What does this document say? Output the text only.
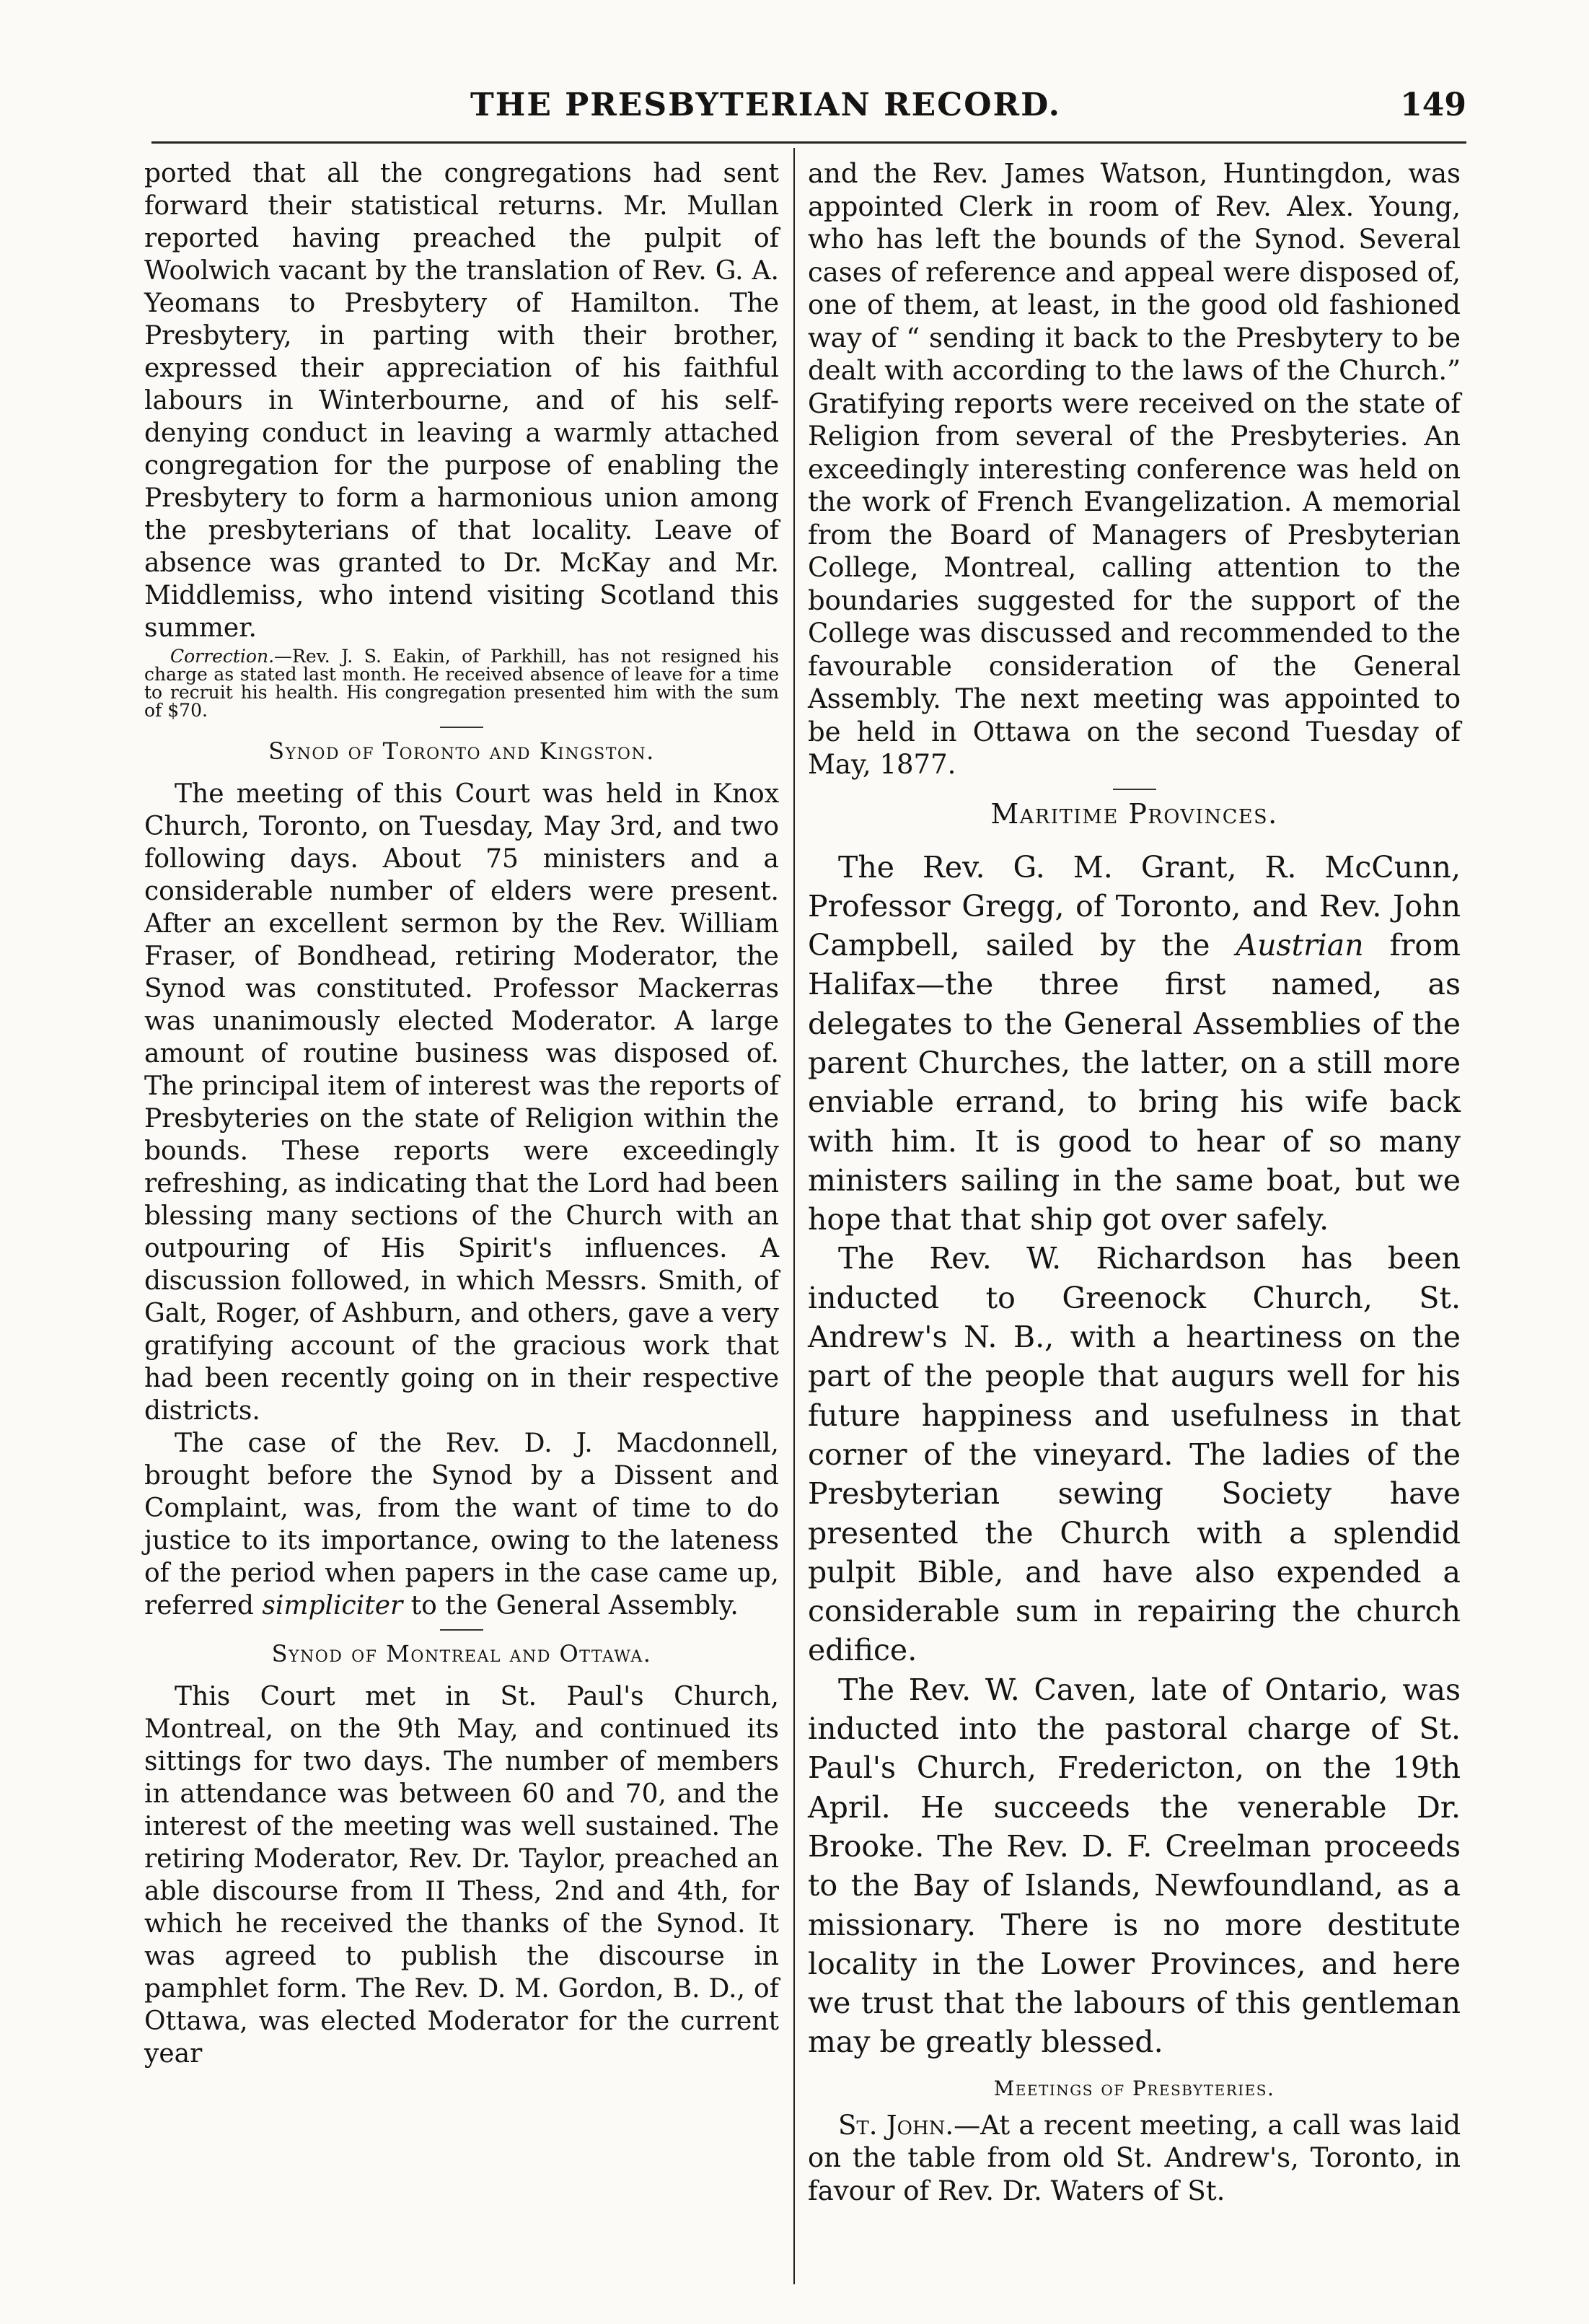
THE PRESBYTERIAN RECORD.	149

ported that all the congregations had sent forward their statistical returns. Mr. Mullan reported having preached the pulpit of Woolwich vacant by the translation of Rev. G. A. Yeomans to Presbytery of Hamilton. The Presbytery, in parting with their brother, expressed their appreciation of his faithful labours in Winterbourne, and of his self-denying conduct in leaving a warmly attached congregation for the purpose of enabling the Presbytery to form a harmonious union among the presbyterians of that locality. Leave of absence was granted to Dr. McKay and Mr. Middlemiss, who intend visiting Scotland this summer.

Correction.—Rev. J. S. Eakin, of Parkhill, has not resigned his charge as stated last month. He received absence of leave for a time to recruit his health. His congregation presented him with the sum of $70.

Synod of Toronto and Kingston.

The meeting of this Court was held in Knox Church, Toronto, on Tuesday, May 3rd, and two following days. About 75 ministers and a considerable number of elders were present. After an excellent sermon by the Rev. William Fraser, of Bondhead, retiring Moderator, the Synod was constituted. Professor Mackerras was unanimously elected Moderator. A large amount of routine business was disposed of. The principal item of interest was the reports of Presbyteries on the state of Religion within the bounds. These reports were exceedingly refreshing, as indicating that the Lord had been blessing many sections of the Church with an outpouring of His Spirit's influences. A discussion followed, in which Messrs. Smith, of Galt, Roger, of Ashburn, and others, gave a very gratifying account of the gracious work that had been recently going on in their respective districts.

The case of the Rev. D. J. Macdonnell, brought before the Synod by a Dissent and Complaint, was, from the want of time to do justice to its importance, owing to the lateness of the period when papers in the case came up, referred simpliciter to the General Assembly.

Synod of Montreal and Ottawa.

This Court met in St. Paul's Church, Montreal, on the 9th May, and continued its sittings for two days. The number of members in attendance was between 60 and 70, and the interest of the meeting was well sustained. The retiring Moderator, Rev. Dr. Taylor, preached an able discourse from II Thess, 2nd and 4th, for which he received the thanks of the Synod. It was agreed to publish the discourse in pamphlet form. The Rev. D. M. Gordon, B. D., of Ottawa, was elected Moderator for the current year

and the Rev. James Watson, Huntingdon, was appointed Clerk in room of Rev. Alex. Young, who has left the bounds of the Synod. Several cases of reference and appeal were disposed of, one of them, at least, in the good old fashioned way of “ sending it back to the Presbytery to be dealt with according to the laws of the Church.” Gratifying reports were received on the state of Religion from several of the Presbyteries. An exceedingly interesting conference was held on the work of French Evangelization. A memorial from the Board of Managers of Presbyterian College, Montreal, calling attention to the boundaries suggested for the support of the College was discussed and recommended to the favourable consideration of the General Assembly. The next meeting was appointed to be held in Ottawa on the second Tuesday of May, 1877.

Maritime Provinces.

The Rev. G. M. Grant, R. McCunn, Professor Gregg, of Toronto, and Rev. John Campbell, sailed by the Austrian from Halifax—the three first named, as delegates to the General Assemblies of the parent Churches, the latter, on a still more enviable errand, to bring his wife back with him. It is good to hear of so many ministers sailing in the same boat, but we hope that that ship got over safely.

The Rev. W. Richardson has been inducted to Greenock Church, St. Andrew's N. B., with a heartiness on the part of the people that augurs well for his future happiness and usefulness in that corner of the vineyard. The ladies of the Presbyterian sewing Society have presented the Church with a splendid pulpit Bible, and have also expended a considerable sum in repairing the church edifice.

The Rev. W. Caven, late of Ontario, was inducted into the pastoral charge of St. Paul's Church, Fredericton, on the 19th April. He succeeds the venerable Dr. Brooke. The Rev. D. F. Creelman proceeds to the Bay of Islands, Newfoundland, as a missionary. There is no more destitute locality in the Lower Provinces, and here we trust that the labours of this gentleman may be greatly blessed.

Meetings of Presbyteries.

St. John.—At a recent meeting, a call was laid on the table from old St. Andrew's, Toronto, in favour of Rev. Dr. Waters of St.
